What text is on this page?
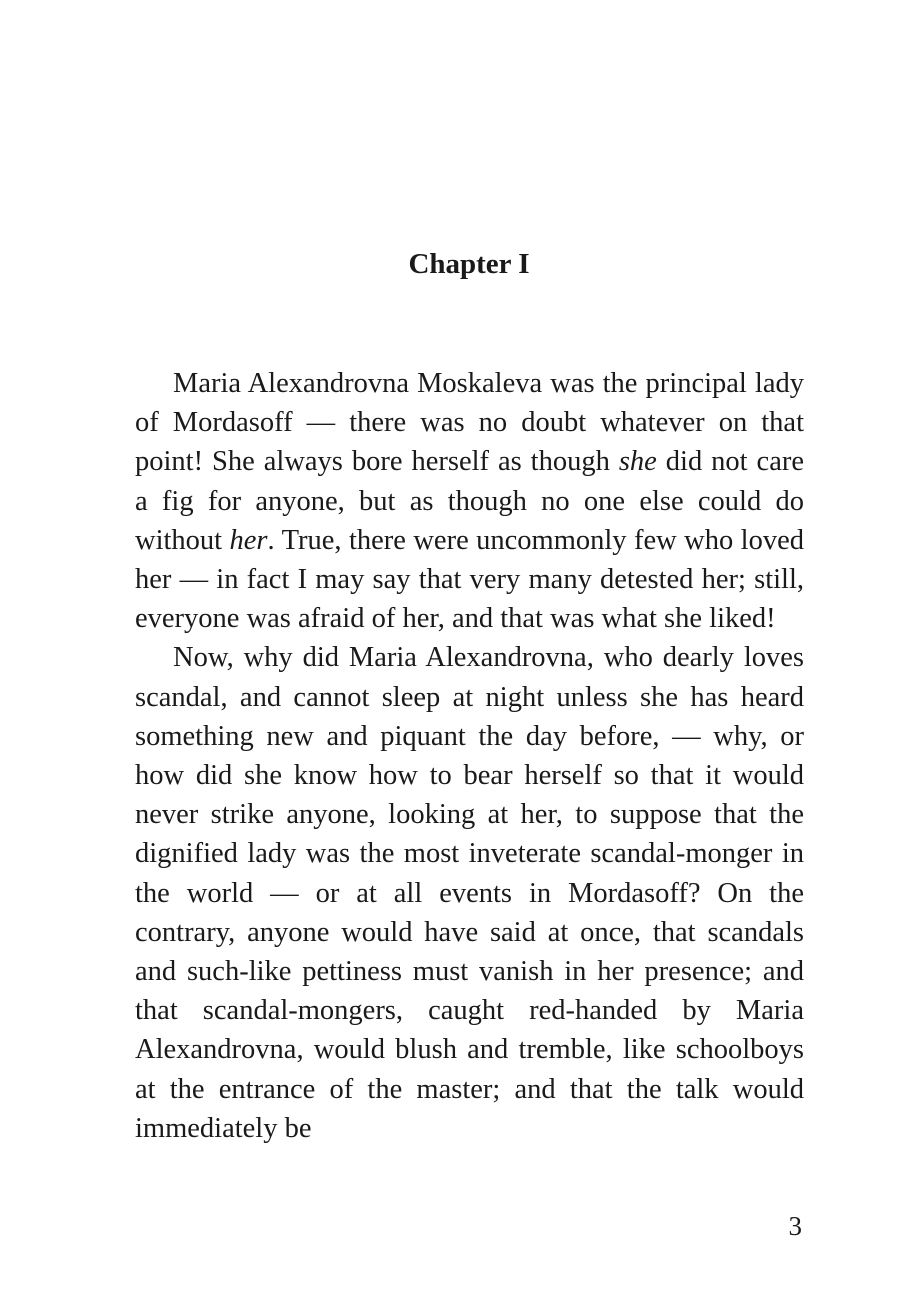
Chapter I

Maria Alexandrovna Moskaleva was the principal lady of Mordasoff — there was no doubt whatever on that point! She always bore herself as though she did not care a fig for anyone, but as though no one else could do without her. True, there were uncommonly few who loved her — in fact I may say that very many detested her; still, everyone was afraid of her, and that was what she liked!

Now, why did Maria Alexandrovna, who dearly loves scandal, and cannot sleep at night unless she has heard something new and piquant the day before, — why, or how did she know how to bear herself so that it would never strike anyone, looking at her, to suppose that the dignified lady was the most inveterate scandal-monger in the world — or at all events in Mordasoff? On the contrary, anyone would have said at once, that scandals and such-like pettiness must vanish in her presence; and that scandal-mongers, caught red-handed by Maria Alexandrovna, would blush and tremble, like schoolboys at the entrance of the master; and that the talk would immediately be

3
